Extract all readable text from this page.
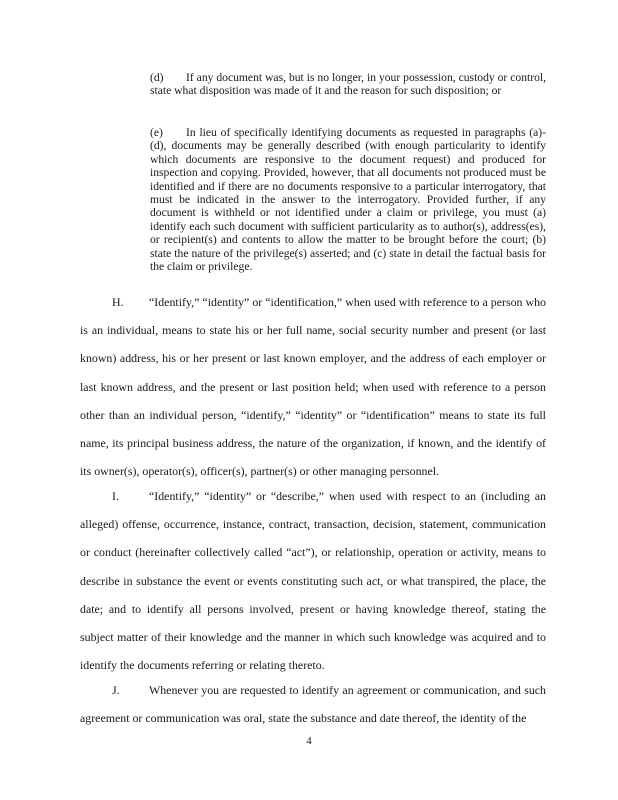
(d) If any document was, but is no longer, in your possession, custody or control, state what disposition was made of it and the reason for such disposition; or
(e) In lieu of specifically identifying documents as requested in paragraphs (a)-(d), documents may be generally described (with enough particularity to identify which documents are responsive to the document request) and produced for inspection and copying. Provided, however, that all documents not produced must be identified and if there are no documents responsive to a particular interrogatory, that must be indicated in the answer to the interrogatory. Provided further, if any document is withheld or not identified under a claim or privilege, you must (a) identify each such document with sufficient particularity as to author(s), address(es), or recipient(s) and contents to allow the matter to be brought before the court; (b) state the nature of the privilege(s) asserted; and (c) state in detail the factual basis for the claim or privilege.
H. “Identify,” “identity” or “identification,” when used with reference to a person who is an individual, means to state his or her full name, social security number and present (or last known) address, his or her present or last known employer, and the address of each employer or last known address, and the present or last position held; when used with reference to a person other than an individual person, “identify,” “identity” or “identification” means to state its full name, its principal business address, the nature of the organization, if known, and the identify of its owner(s), operator(s), officer(s), partner(s) or other managing personnel.
I.	“Identify,” “identity” or “describe,” when used with respect to an (including an alleged) offense, occurrence, instance, contract, transaction, decision, statement, communication or conduct (hereinafter collectively called “act”), or relationship, operation or activity, means to describe in substance the event or events constituting such act, or what transpired, the place, the date; and to identify all persons involved, present or having knowledge thereof, stating the subject matter of their knowledge and the manner in which such knowledge was acquired and to identify the documents referring or relating thereto.
J. Whenever you are requested to identify an agreement or communication, and such agreement or communication was oral, state the substance and date thereof, the identity of the
4
